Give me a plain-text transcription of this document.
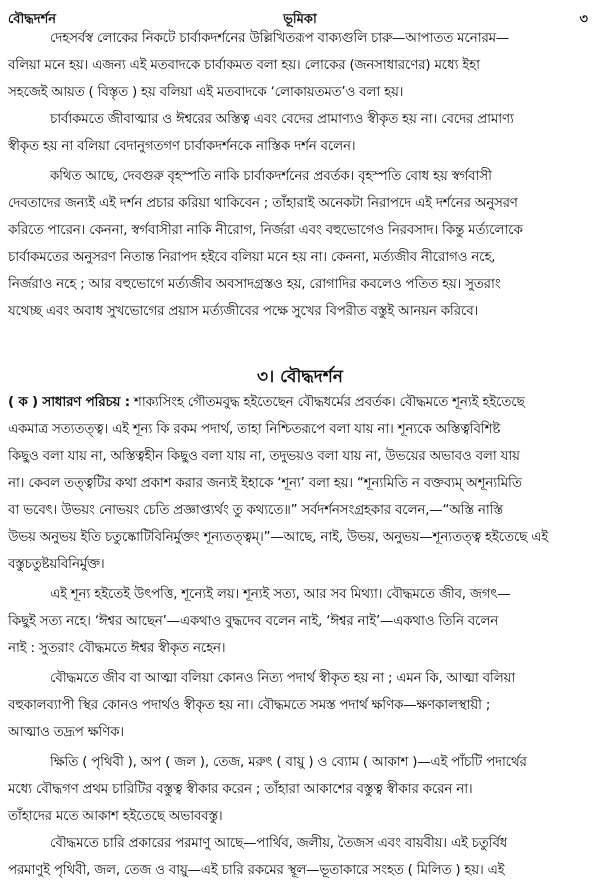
বৌদ্ধদর্শন	ভূমিকা	৩
দেহসর্বস্ব লোকের নিকটে চার্বাকদর্শনের উল্লিখিতরূপ বাক্যগুলি চারু—আপাতত মনোরম—
বলিয়া মনে হয়। এজন্য এই মতবাদকে চার্বাকমত বলা হয়। লোকের (জনসাধারণের) মধ্যে ইহা
সহজেই আয়ত ( বিস্তৃত ) হয় বলিয়া এই মতবাদকে ‘লোকায়তমত’ও বলা হয়।
চার্বাকমতে জীবাত্মার ও ঈশ্বরের অস্তিত্ব এবং বেদের প্রামাণ্যও স্বীকৃত হয় না। বেদের প্রামাণ্য
স্বীকৃত হয় না বলিয়া বেদানুগতগণ চার্বাকদর্শনকে নাস্তিক দর্শন বলেন।
কথিত আছে, দেবগুরু বৃহস্পতি নাকি চার্বাকদর্শনের প্রবর্তক। বৃহস্পতি বোধ হয় স্বর্গবাসী
দেবতাদের জন্যই এই দর্শন প্রচার করিয়া থাকিবেন ; তাঁহারাই অনেকটা নিরাপদে এই দর্শনের অনুসরণ
করিতে পারেন। কেননা, স্বর্গবাসীরা নাকি নীরোগ, নির্জরা এবং বহুভোগেও নিরবসাদ। কিন্তু মর্ত্যলোকে
চার্বাকমতের অনুসরণ নিতান্ত নিরাপদ হইবে বলিয়া মনে হয় না। কেননা, মর্ত্যজীব নীরোগও নহে,
নির্জরাও নহে ; আর বহুভোগে মর্ত্যজীব অবসাদগ্রস্তও হয়, রোগাদির কবলেও পতিত হয়। সুতরাং
যথেচ্ছ এবং অবাধ সুখভোগের প্রয়াস মর্ত্যজীবের পক্ষে সুখের বিপরীত বস্তুই আনয়ন করিবে।
( ক ) সাধারণ পরিচয় : শাক্যসিংহ গৌতমবুদ্ধ হইতেছেন বৌদ্ধধর্মের প্রবর্তক। বৌদ্ধমতে শূন্যই হইতেছে
একমাত্র সত্যতত্ত্ব। এই শূন্য কি রকম পদার্থ, তাহা নিশ্চিতরূপে বলা যায় না। শূন্যকে অস্তিত্ববিশিষ্ট
কিছুও বলা যায় না, অস্তিত্বহীন কিছুও বলা যায় না, তদুভয়ও বলা যায় না, উভয়ের অভাবও বলা যায়
না। কেবল তত্ত্বটির কথা প্রকাশ করার জন্যই ইহাকে ‘শূন্য’ বলা হয়। “শূন্যমিতি ন বক্তব্যম্ অশূন্যমিতি
বা ভবেৎ। উভয়ং নোভয়ং চেতি প্রজ্ঞাপ্ত্যর্থং তু কথ্যতে॥” সর্বদর্শনসংগ্রহকার বলেন,—“অস্তি নাস্তি
উভয় অনুভয় ইতি চতুষ্কোটিবিনির্মুক্তং শূন্যতত্ত্বম্।”—আছে, নাই, উভয়, অনুভয়—শূন্যতত্ত্ব হইতেছে এই
বস্তুচতুষ্টয়বিনির্মুক্ত।
এই শূন্য হইতেই উৎপত্তি, শূন্যেই লয়। শূন্যই সত্য, আর সব মিথ্যা। বৌদ্ধমতে জীব, জগৎ—
কিছুই সত্য নহে। ‘ঈশ্বর আছেন’—একথাও বুদ্ধদেব বলেন নাই, ‘ঈশ্বর নাই’—একথাও তিনি বলেন
নাই : সুতরাং বৌদ্ধমতে ঈশ্বর স্বীকৃত নহেন।
বৌদ্ধমতে জীব বা আত্মা বলিয়া কোনও নিত্য পদার্থ স্বীকৃত হয় না ; এমন কি, আত্মা বলিয়া
বহুকালব্যাপী স্থির কোনও পদার্থও স্বীকৃত হয় না। বৌদ্ধমতে সমস্ত পদার্থ ক্ষণিক—ক্ষণকালস্থায়ী ;
আত্মাও তদ্রূপ ক্ষণিক।
ক্ষিতি ( পৃথিবী ), অপ ( জল ), তেজ, মরুৎ ( বায়ু ) ও ব্যোম ( আকাশ )—এই পাঁচটি পদার্থের
মধ্যে বৌদ্ধগণ প্রথম চারিটির বস্তুত্ব স্বীকার করেন ; তাঁহারা আকাশের বস্তুত্ব স্বীকার করেন না।
তাঁহাদের মতে আকাশ হইতেছে অভাববস্তু।
বৌদ্ধমতে চারি প্রকারের পরমাণু আছে—পার্থিব, জলীয়, তৈজস এবং বায়বীয়। এই চতুর্বিধ
পরমাণুই পৃথিবী, জল, তেজ ও বায়ু—এই চারি রকমের স্থূল—ভূতাকারে সংহত ( মিলিত ) হয়। এই
৩। বৌদ্ধদর্শন
